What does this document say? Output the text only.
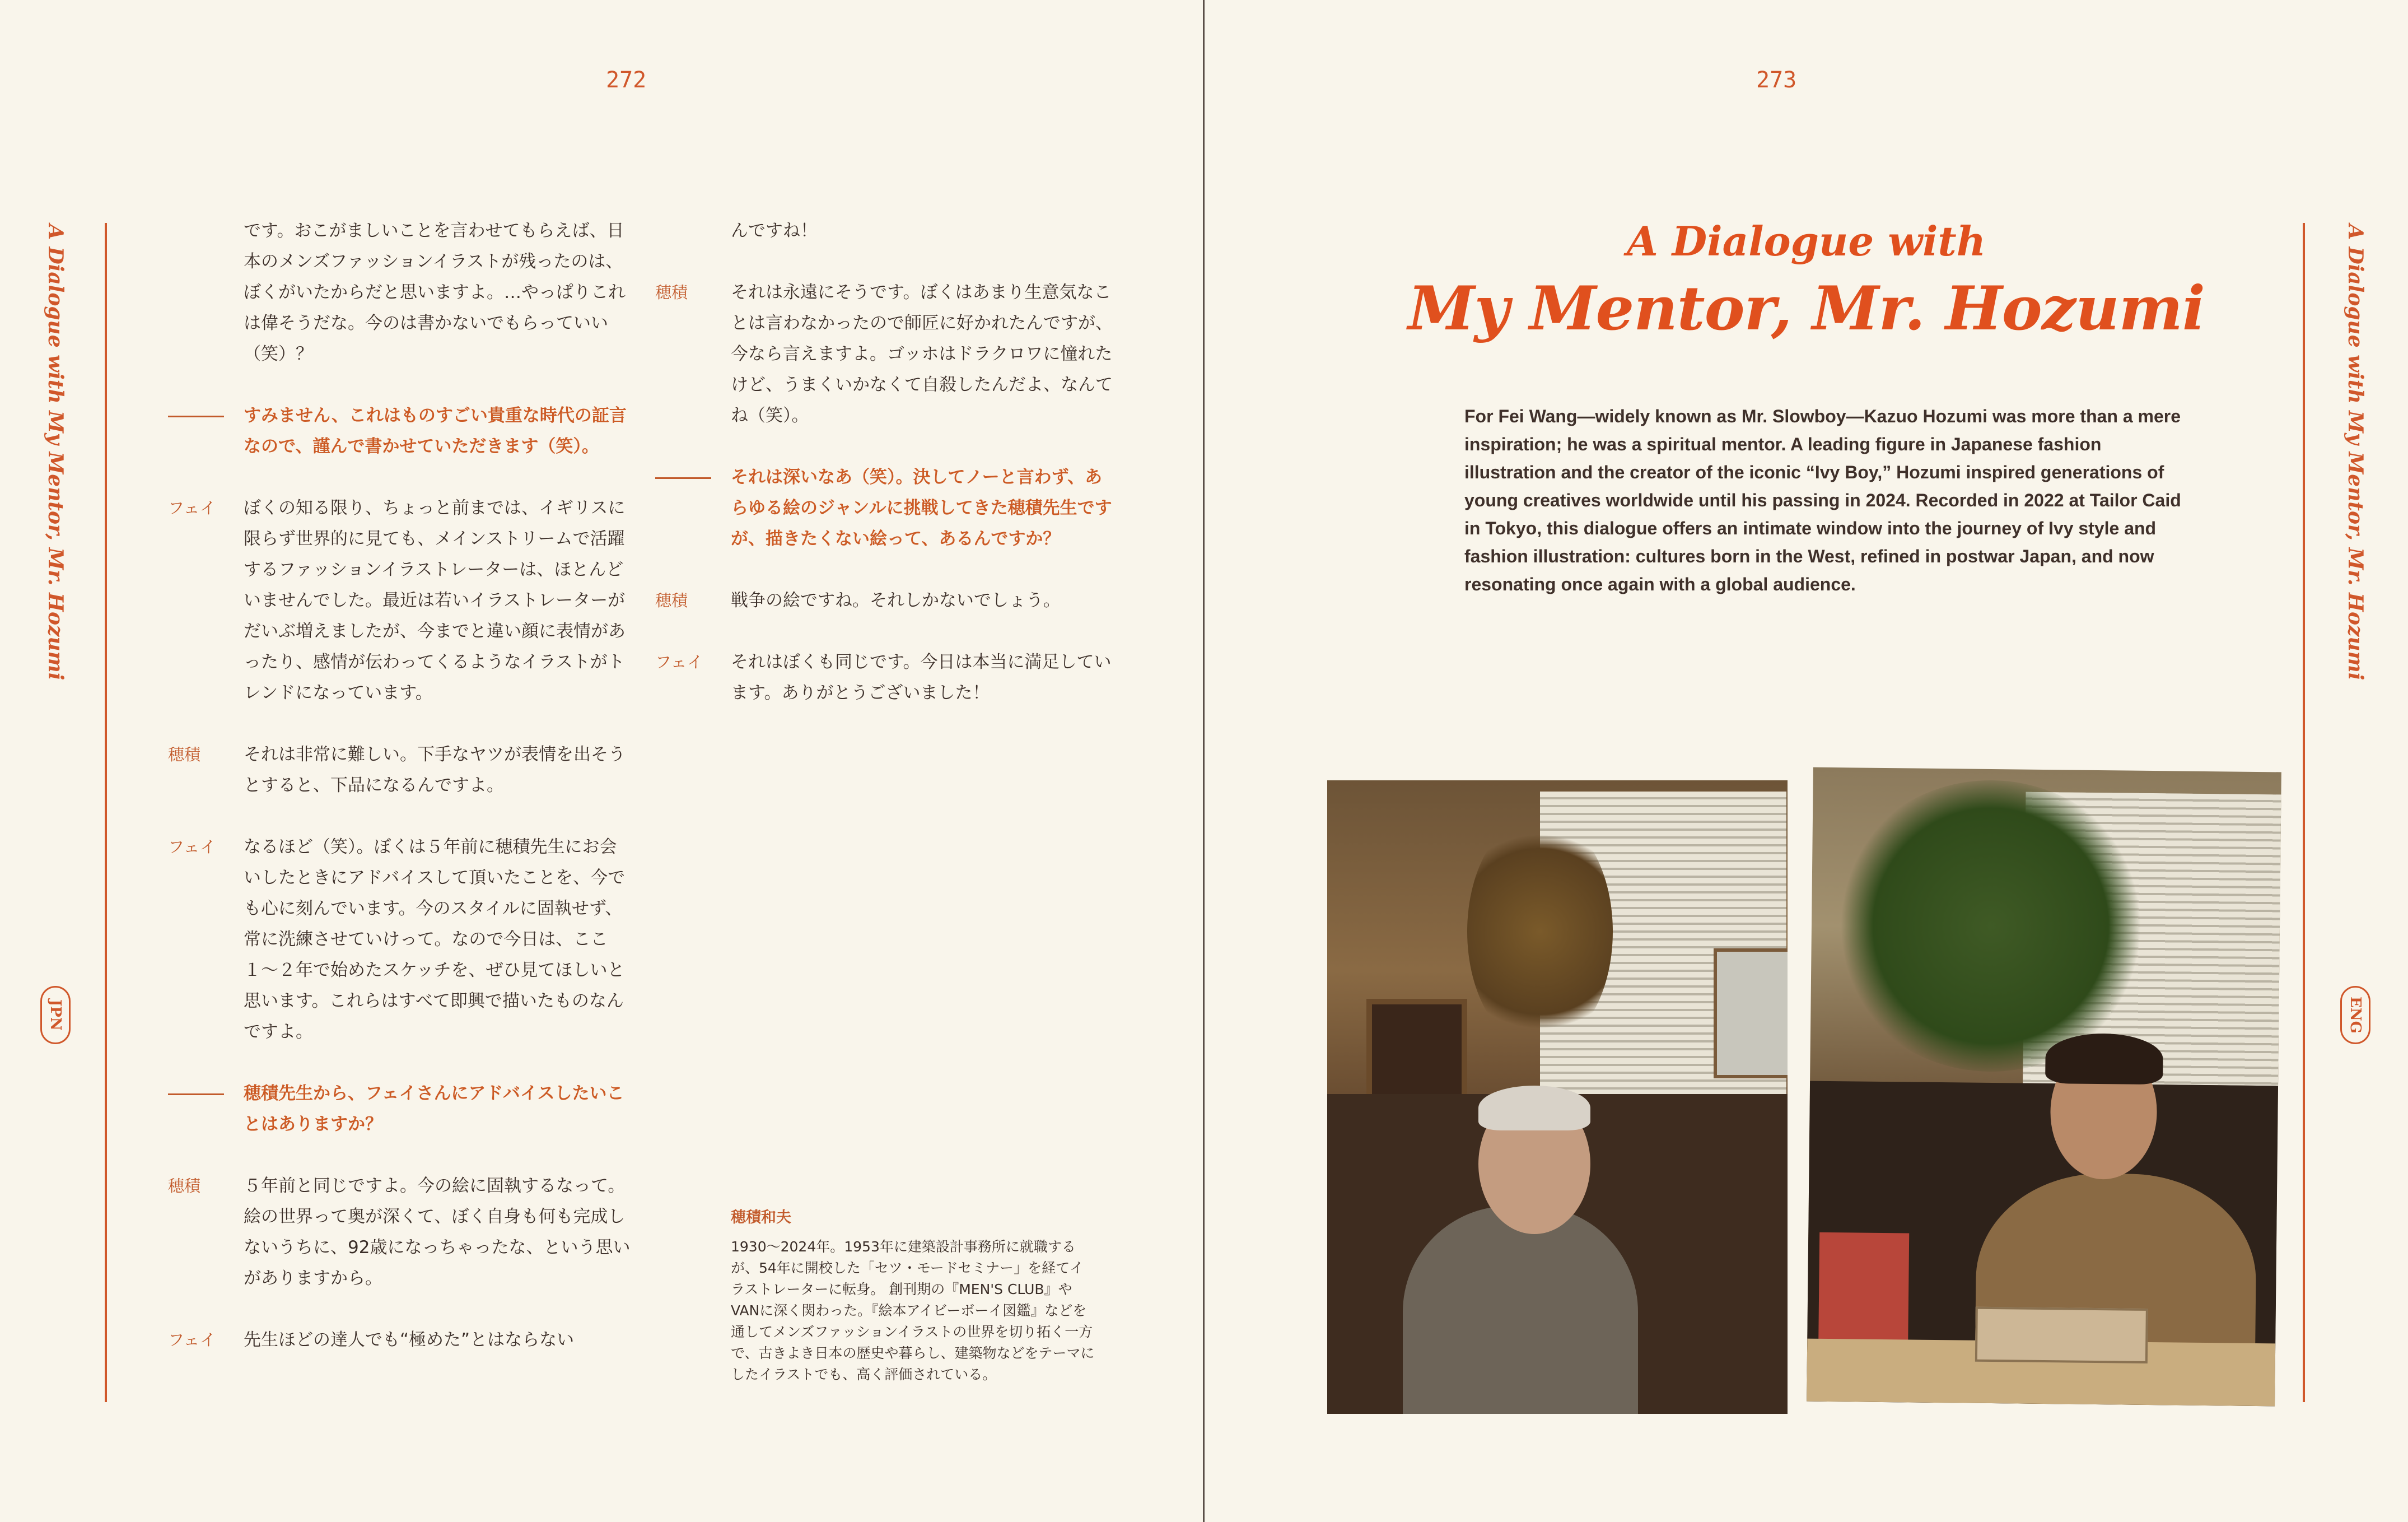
272
A Dialogue with My Mentor, Mr. Hozumi
JPN
です。おこがましいことを言わせてもらえば、日本のメンズファッションイラストが残ったのは、ぼくがいたからだと思いますよ。…やっぱりこれは偉そうだな。今のは書かないでもらっていい（笑）？
すみません、これはものすごい貴重な時代の証言なので、謹んで書かせていただきます（笑）。
フェイ ぼくの知る限り、ちょっと前までは、イギリスに限らず世界的に見ても、メインストリームで活躍するファッションイラストレーターは、ほとんどいませんでした。最近は若いイラストレーターがだいぶ増えましたが、今までと違い顔に表情があったり、感情が伝わってくるようなイラストがトレンドになっています。
穂積 それは非常に難しい。下手なヤツが表情を出そうとすると、下品になるんですよ。
フェイ なるほど（笑）。ぼくは５年前に穂積先生にお会いしたときにアドバイスして頂いたことを、今でも心に刻んでいます。今のスタイルに固執せず、常に洗練させていけって。なので今日は、ここ１〜２年で始めたスケッチを、ぜひ見てほしいと思います。これらはすべて即興で描いたものなんですよ。
穂積先生から、フェイさんにアドバイスしたいことはありますか？
穂積 ５年前と同じですよ。今の絵に固執するなって。絵の世界って奥が深くて、ぼく自身も何も完成しないうちに、92歳になっちゃったな、という思いがありますから。
フェイ 先生ほどの達人でも“極めた”とはならない
んですね！
穂積 それは永遠にそうです。ぼくはあまり生意気なことは言わなかったので師匠に好かれたんですが、今なら言えますよ。ゴッホはドラクロワに憧れたけど、うまくいかなくて自殺したんだよ、なんてね（笑）。
それは深いなあ（笑）。決してノーと言わず、あらゆる絵のジャンルに挑戦してきた穂積先生ですが、描きたくない絵って、あるんですか？
穂積 戦争の絵ですね。それしかないでしょう。
フェイ それはぼくも同じです。今日は本当に満足しています。ありがとうございました！
穂積和夫
1930〜2024年。1953年に建築設計事務所に就職するが、54年に開校した「セツ・モードセミナー」を経てイラストレーターに転身。 創刊期の『MEN'S CLUB』やVANに深く関わった。『絵本アイビーボーイ図鑑』などを通してメンズファッションイラストの世界を切り拓く一方で、古きよき日本の歴史や暮らし、建築物などをテーマにしたイラストでも、高く評価されている。
273
A Dialogue with My Mentor, Mr. Hozumi
ENG
A Dialogue with
My Mentor, Mr. Hozumi
For Fei Wang—widely known as Mr. Slowboy—Kazuo Hozumi was more than a mere inspiration; he was a spiritual mentor. A leading figure in Japanese fashion illustration and the creator of the iconic “Ivy Boy,” Hozumi inspired generations of young creatives worldwide until his passing in 2024. Recorded in 2022 at Tailor Caid in Tokyo, this dialogue offers an intimate window into the journey of Ivy style and fashion illustration: cultures born in the West, refined in postwar Japan, and now resonating once again with a global audience.
